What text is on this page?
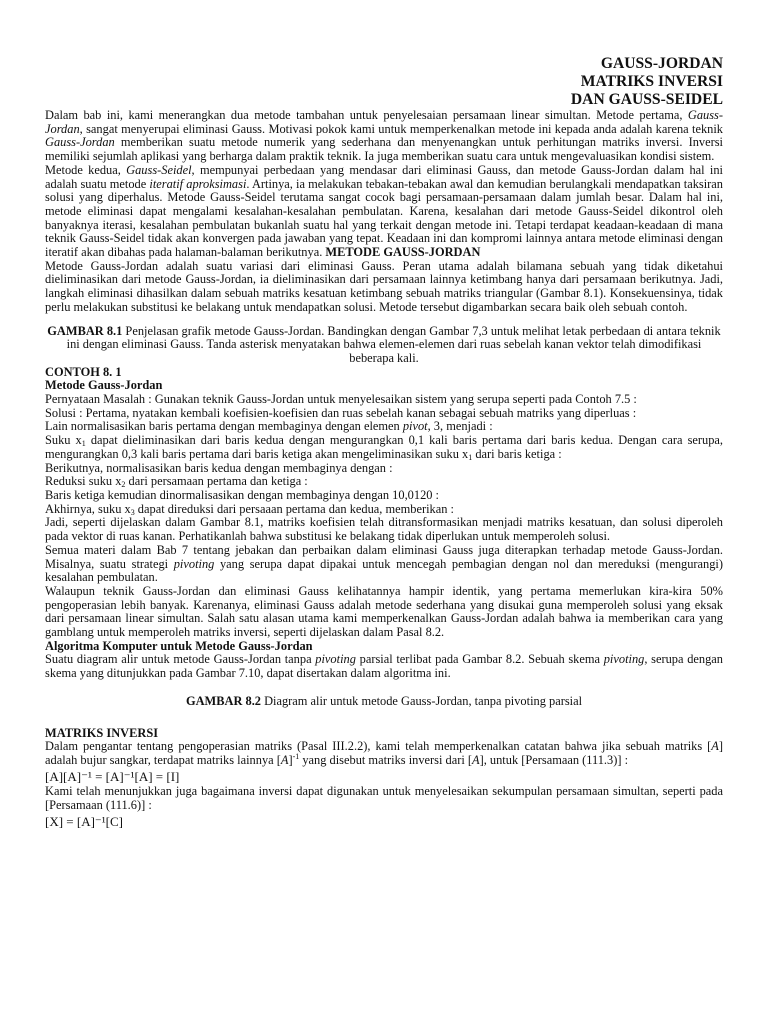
GAUSS-JORDAN
MATRIKS INVERSI
DAN GAUSS-SEIDEL

Dalam bab ini, kami menerangkan dua metode tambahan untuk penyelesaian persamaan linear simultan. Metode pertama, Gauss-Jordan, sangat menyerupai eliminasi Gauss. Motivasi pokok kami untuk memperkenalkan metode ini kepada anda adalah karena teknik Gauss-Jordan memberikan suatu metode numerik yang sederhana dan menyenangkan untuk perhitungan matriks inversi. Inversi memiliki sejumlah aplikasi yang berharga dalam praktik teknik. Ia juga memberikan suatu cara untuk mengevaluasikan kondisi sistem.

Metode kedua, Gauss-Seidel, mempunyai perbedaan yang mendasar dari eliminasi Gauss, dan metode Gauss-Jordan dalam hal ini adalah suatu metode iteratif aproksimasi. Artinya, ia melakukan tebakan-tebakan awal dan kemudian berulangkali mendapatkan taksiran solusi yang diperhalus. Metode Gauss-Seidel terutama sangat cocok bagi persamaan-persamaan dalam jumlah besar. Dalam hal ini, metode eliminasi dapat mengalami kesalahan-kesalahan pembulatan. Karena, kesalahan dari metode Gauss-Seidel dikontrol oleh banyaknya iterasi, kesalahan pembulatan bukanlah suatu hal yang terkait dengan metode ini. Tetapi terdapat keadaan-keadaan di mana teknik Gauss-Seidel tidak akan konvergen pada jawaban yang tepat. Keadaan ini dan kompromi lainnya antara metode eliminasi dengan iteratif akan dibahas pada halaman-balaman berikutnya. METODE GAUSS-JORDAN

Metode Gauss-Jordan adalah suatu variasi dari eliminasi Gauss. Peran utama adalah bilamana sebuah yang tidak diketahui dieliminasikan dari metode Gauss-Jordan, ia dieliminasikan dari persamaan lainnya ketimbang hanya dari persamaan berikutnya. Jadi, langkah eliminasi dihasilkan dalam sebuah matriks kesatuan ketimbang sebuah matriks triangular (Gambar 8.1). Konsekuensinya, tidak perlu melakukan substitusi ke belakang untuk mendapatkan solusi. Metode tersebut digambarkan secara baik oleh sebuah contoh.

GAMBAR 8.1 Penjelasan grafik metode Gauss-Jordan. Bandingkan dengan Gambar 7,3 untuk melihat letak perbedaan di antara teknik ini dengan eliminasi Gauss. Tanda asterisk menyatakan bahwa elemen-elemen dari ruas sebelah kanan vektor telah dimodifikasi beberapa kali.

CONTOH 8. 1
Metode Gauss-Jordan

Pernyataan Masalah : Gunakan teknik Gauss-Jordan untuk menyelesaikan sistem yang serupa seperti pada Contoh 7.5 :

Solusi : Pertama, nyatakan kembali koefisien-koefisien dan ruas sebelah kanan sebagai sebuah matriks yang diperluas :

Lain normalisasikan baris pertama dengan membaginya dengan elemen pivot, 3, menjadi :

Suku $x_1$ dapat dieliminasikan dari baris kedua dengan mengurangkan 0,1 kali baris pertama dari baris kedua. Dengan cara serupa, mengurangkan 0,3 kali baris pertama dari baris ketiga akan mengeliminasikan suku $x_1$ dari baris ketiga :

Berikutnya, normalisasikan baris kedua dengan membaginya dengan :

Reduksi suku $x_2$ dari persamaan pertama dan ketiga :

Baris ketiga kemudian dinormalisasikan dengan membaginya dengan 10,0120 :

Akhirnya, suku $x_3$ dapat direduksi dari persaaan pertama dan kedua, memberikan :

Jadi, seperti dijelaskan dalam Gambar 8.1, matriks koefisien telah ditransformasikan menjadi matriks kesatuan, dan solusi diperoleh pada vektor di ruas kanan. Perhatikanlah bahwa substitusi ke belakang tidak diperlukan untuk memperoleh solusi.

Semua materi dalam Bab 7 tentang jebakan dan perbaikan dalam eliminasi Gauss juga diterapkan terhadap metode Gauss-Jordan. Misalnya, suatu strategi pivoting yang serupa dapat dipakai untuk mencegah pembagian dengan nol dan mereduksi (mengurangi) kesalahan pembulatan.

Walaupun teknik Gauss-Jordan dan eliminasi Gauss kelihatannya hampir identik, yang pertama memerlukan kira-kira 50% pengoperasian lebih banyak. Karenanya, eliminasi Gauss adalah metode sederhana yang disukai guna memperoleh solusi yang eksak dari persamaan linear simultan. Salah satu alasan utama kami memperkenalkan Gauss-Jordan adalah bahwa ia memberikan cara yang gamblang untuk memperoleh matriks inversi, seperti dijelaskan dalam Pasal 8.2.

Algoritma Komputer untuk Metode Gauss-Jordan

Suatu diagram alir untuk metode Gauss-Jordan tanpa pivoting parsial terlibat pada Gambar 8.2. Sebuah skema pivoting, serupa dengan skema yang ditunjukkan pada Gambar 7.10, dapat disertakan dalam algoritma ini.

GAMBAR 8.2 Diagram alir untuk metode Gauss-Jordan, tanpa pivoting parsial

MATRIKS INVERSI

Dalam pengantar tentang pengoperasian matriks (Pasal III.2.2), kami telah memperkenalkan catatan bahwa jika sebuah matriks [A] adalah bujur sangkar, terdapat matriks lainnya $[A]^{-1}$ yang disebut matriks inversi dari [A], untuk [Persamaan (111.3)] :

[A][A]⁻¹ = [A]⁻¹[A] = [I]

Kami telah menunjukkan juga bagaimana inversi dapat digunakan untuk menyelesaikan sekumpulan persamaan simultan, seperti pada [Persamaan (111.6)] :

[X] = [A]⁻¹[C]
